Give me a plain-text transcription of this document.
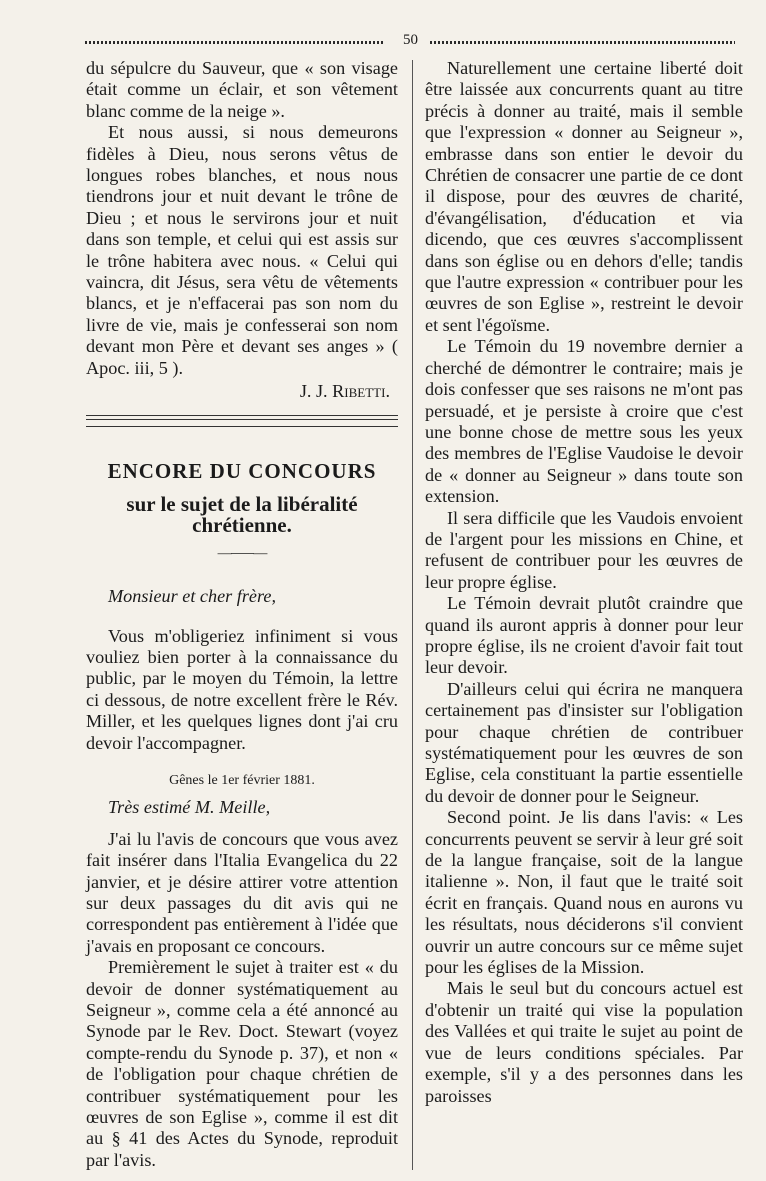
50

du sépulcre du Sauveur, que « son visage était comme un éclair, et son vêtement blanc comme de la neige ».

Et nous aussi, si nous demeurons fidèles à Dieu, nous serons vêtus de longues robes blanches, et nous nous tiendrons jour et nuit devant le trône de Dieu ; et nous le servirons jour et nuit dans son temple, et celui qui est assis sur le trône habitera avec nous. « Celui qui vaincra, dit Jésus, sera vêtu de vêtements blancs, et je n'effacerai pas son nom du livre de vie, mais je confesserai son nom devant mon Père et devant ses anges » ( Apoc. iii, 5 ).

J. J. Ribetti.
ENCORE DU CONCOURS
sur le sujet de la libéralité chrétienne.
—⸺—

Monsieur et cher frère,

Vous m'obligeriez infiniment si vous vouliez bien porter à la connaissance du public, par le moyen du Témoin, la lettre ci dessous, de notre excellent frère le Rév. Miller, et les quelques lignes dont j'ai cru devoir l'accompagner.

Gênes le 1er février 1881.

Très estimé M. Meille,

J'ai lu l'avis de concours que vous avez fait insérer dans l'Italia Evangelica du 22 janvier, et je désire attirer votre attention sur deux passages du dit avis qui ne correspondent pas entièrement à l'idée que j'avais en proposant ce concours.

Premièrement le sujet à traiter est « du devoir de donner systématiquement au Seigneur », comme cela a été annoncé au Synode par le Rev. Doct. Stewart (voyez compte-rendu du Synode p. 37), et non « de l'obligation pour chaque chrétien de contribuer systématiquement pour les œuvres de son Eglise », comme il est dit au § 41 des Actes du Synode, reproduit par l'avis.

Naturellement une certaine liberté doit être laissée aux concurrents quant au titre précis à donner au traité, mais il semble que l'expression « donner au Seigneur », embrasse dans son entier le devoir du Chrétien de consacrer une partie de ce dont il dispose, pour des œuvres de charité, d'évangélisation, d'éducation et via dicendo, que ces œuvres s'accomplissent dans son église ou en dehors d'elle; tandis que l'autre expression « contribuer pour les œuvres de son Eglise », restreint le devoir et sent l'égoïsme.

Le Témoin du 19 novembre dernier a cherché de démontrer le contraire; mais je dois confesser que ses raisons ne m'ont pas persuadé, et je persiste à croire que c'est une bonne chose de mettre sous les yeux des membres de l'Eglise Vaudoise le devoir de « donner au Seigneur » dans toute son extension.

Il sera difficile que les Vaudois envoient de l'argent pour les missions en Chine, et refusent de contribuer pour les œuvres de leur propre église.

Le Témoin devrait plutôt craindre que quand ils auront appris à donner pour leur propre église, ils ne croient d'avoir fait tout leur devoir.

D'ailleurs celui qui écrira ne manquera certainement pas d'insister sur l'obligation pour chaque chrétien de contribuer systématiquement pour les œuvres de son Eglise, cela constituant la partie essentielle du devoir de donner pour le Seigneur.

Second point. Je lis dans l'avis: « Les concurrents peuvent se servir à leur gré soit de la langue française, soit de la langue italienne ». Non, il faut que le traité soit écrit en français. Quand nous en aurons vu les résultats, nous déciderons s'il convient ouvrir un autre concours sur ce même sujet pour les églises de la Mission.

Mais le seul but du concours actuel est d'obtenir un traité qui vise la population des Vallées et qui traite le sujet au point de vue de leurs conditions spéciales. Par exemple, s'il y a des personnes dans les paroisses
